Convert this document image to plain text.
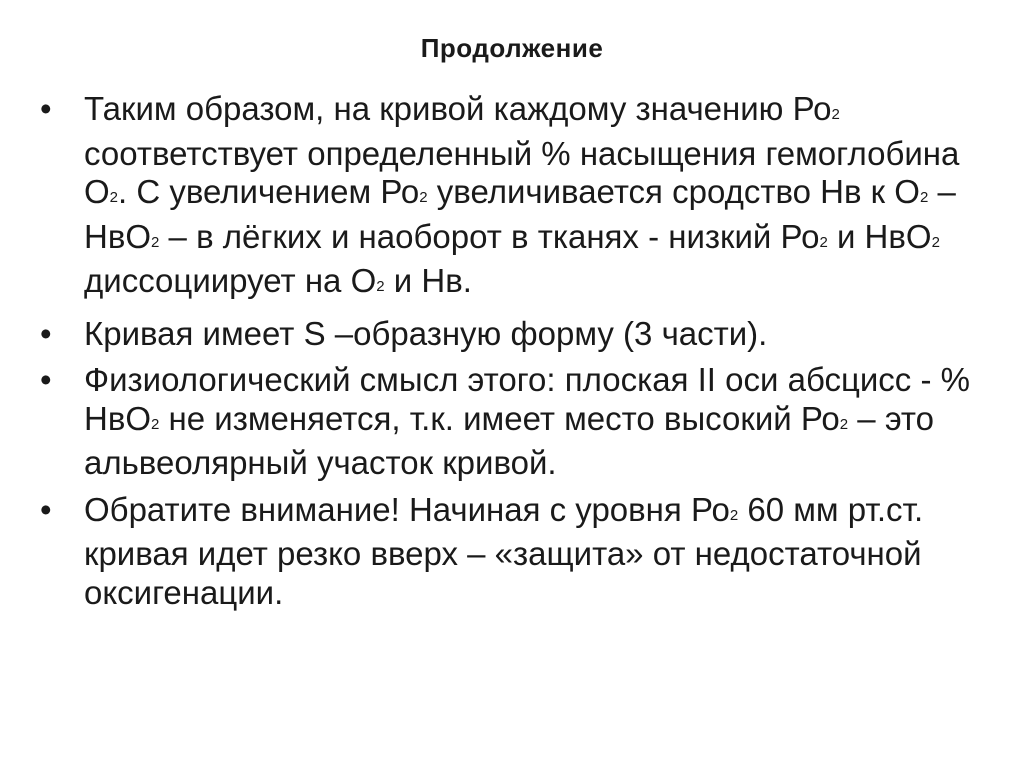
Продолжение
• Таким образом, на кривой каждому значению Ро2 соответствует определенный % насыщения гемоглобина О2. С увеличением Ро2 увеличивается сродство Нв к О2 – НвО2 – в лёгких и наоборот в тканях - низкий Ро2 и НвО2 диссоциирует на О2 и Нв.
• Кривая имеет S –образную форму (3 части).
• Физиологический смысл этого: плоская II оси абсцисс - % НвО2 не изменяется, т.к. имеет место высокий Ро2 – это альвеолярный участок кривой.
• Обратите внимание! Начиная с уровня Ро2 60 мм рт.ст. кривая идет резко вверх – «защита» от недостаточной оксигенации.
